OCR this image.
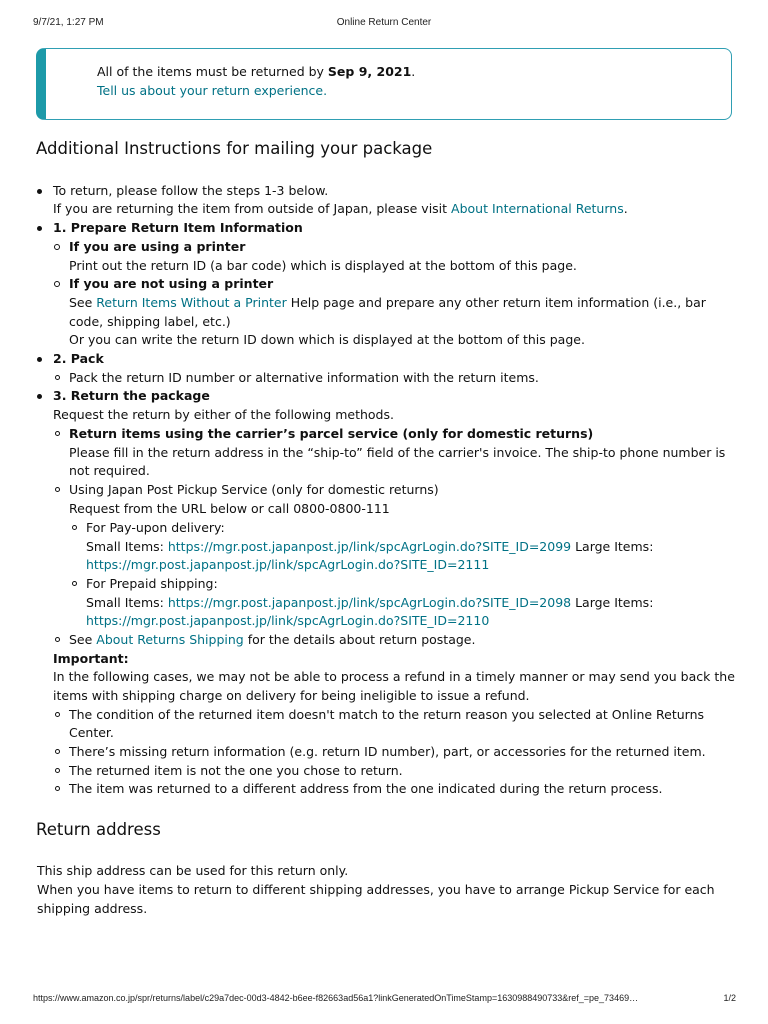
9/7/21, 1:27 PM	Online Return Center
All of the items must be returned by Sep 9, 2021.
Tell us about your return experience.
Additional Instructions for mailing your package
To return, please follow the steps 1-3 below.
If you are returning the item from outside of Japan, please visit About International Returns.
1. Prepare Return Item Information
If you are using a printer
Print out the return ID (a bar code) which is displayed at the bottom of this page.
If you are not using a printer
See Return Items Without a Printer Help page and prepare any other return item information (i.e., bar
code, shipping label, etc.)
Or you can write the return ID down which is displayed at the bottom of this page.
2. Pack
Pack the return ID number or alternative information with the return items.
3. Return the package
Request the return by either of the following methods.
Return items using the carrier’s parcel service (only for domestic returns)
Please fill in the return address in the “ship-to” field of the carrier's invoice. The ship-to phone number is
not required.
Using Japan Post Pickup Service (only for domestic returns)
Request from the URL below or call 0800-0800-111
For Pay-upon delivery:
Small Items: https://mgr.post.japanpost.jp/link/spcAgrLogin.do?SITE_ID=2099 Large Items:
https://mgr.post.japanpost.jp/link/spcAgrLogin.do?SITE_ID=2111
For Prepaid shipping:
Small Items: https://mgr.post.japanpost.jp/link/spcAgrLogin.do?SITE_ID=2098 Large Items:
https://mgr.post.japanpost.jp/link/spcAgrLogin.do?SITE_ID=2110
See About Returns Shipping for the details about return postage.
Important:
In the following cases, we may not be able to process a refund in a timely manner or may send you back the
items with shipping charge on delivery for being ineligible to issue a refund.
The condition of the returned item doesn't match to the return reason you selected at Online Returns
Center.
There’s missing return information (e.g. return ID number), part, or accessories for the returned item.
The returned item is not the one you chose to return.
The item was returned to a different address from the one indicated during the return process.
Return address
This ship address can be used for this return only.
When you have items to return to different shipping addresses, you have to arrange Pickup Service for each
shipping address.
https://www.amazon.co.jp/spr/returns/label/c29a7dec-00d3-4842-b6ee-f82663ad56a1?linkGeneratedOnTimeStamp=1630988490733&ref_=pe_73469…	1/2
